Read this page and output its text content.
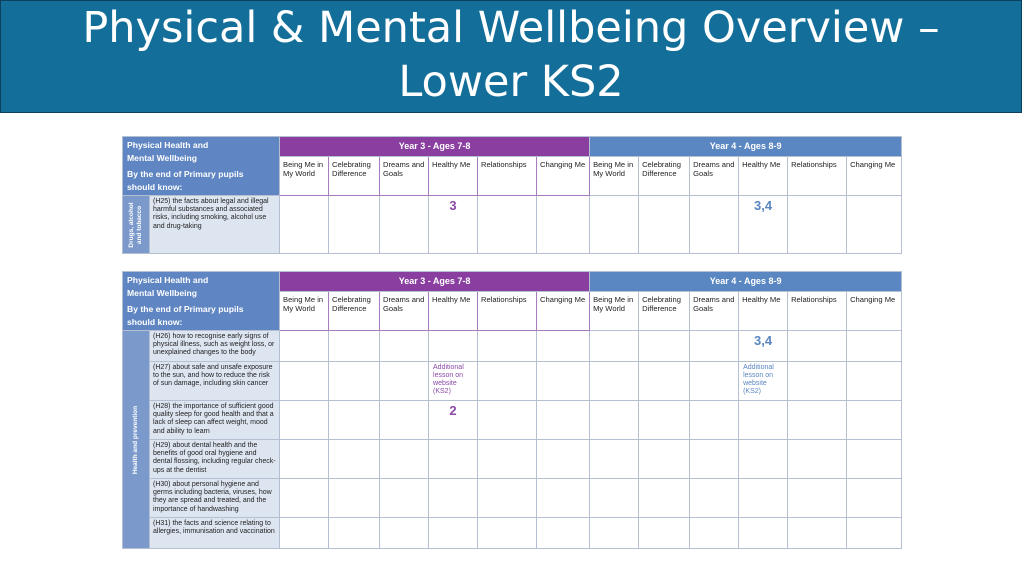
Physical & Mental Wellbeing Overview –
Lower KS2
Physical Health and
Mental Wellbeing
By the end of Primary pupils
should know:		Year 3 - Ages 7-8						Year 4 - Ages 8-9					
		Being Me in My World	Celebrating Difference	Dreams and Goals	Healthy Me	Relationships	Changing Me	Being Me in My World	Celebrating Difference	Dreams and Goals	Healthy Me	Relationships	Changing Me

Drugs, alcohol and tobacco	(H25) the facts about legal and illegal harmful substances and associated risks, including smoking, alcohol use and drug-taking				3						3,4		

Physical Health and
Mental Wellbeing
By the end of Primary pupils
should know:		Year 3 - Ages 7-8						Year 4 - Ages 8-9					
		Being Me in My World	Celebrating Difference	Dreams and Goals	Healthy Me	Relationships	Changing Me	Being Me in My World	Celebrating Difference	Dreams and Goals	Healthy Me	Relationships	Changing Me

Health and prevention	(H26) how to recognise early signs of physical illness, such as weight loss, or unexplained changes to the body										3,4		

	(H27) about safe and unsafe exposure to the sun, and how to reduce the risk of sun damage, including skin cancer				Additional lesson on website (KS2)						Additional lesson on website (KS2)		

	(H28) the importance of sufficient good quality sleep for good health and that a lack of sleep can affect weight, mood and ability to learn				2								

	(H29) about dental health and the benefits of good oral hygiene and dental flossing, including regular check-ups at the dentist												
	(H30) about personal hygiene and germs including bacteria, viruses, how they are spread and treated, and the importance of handwashing												
	(H31) the facts and science relating to allergies, immunisation and vaccination												
